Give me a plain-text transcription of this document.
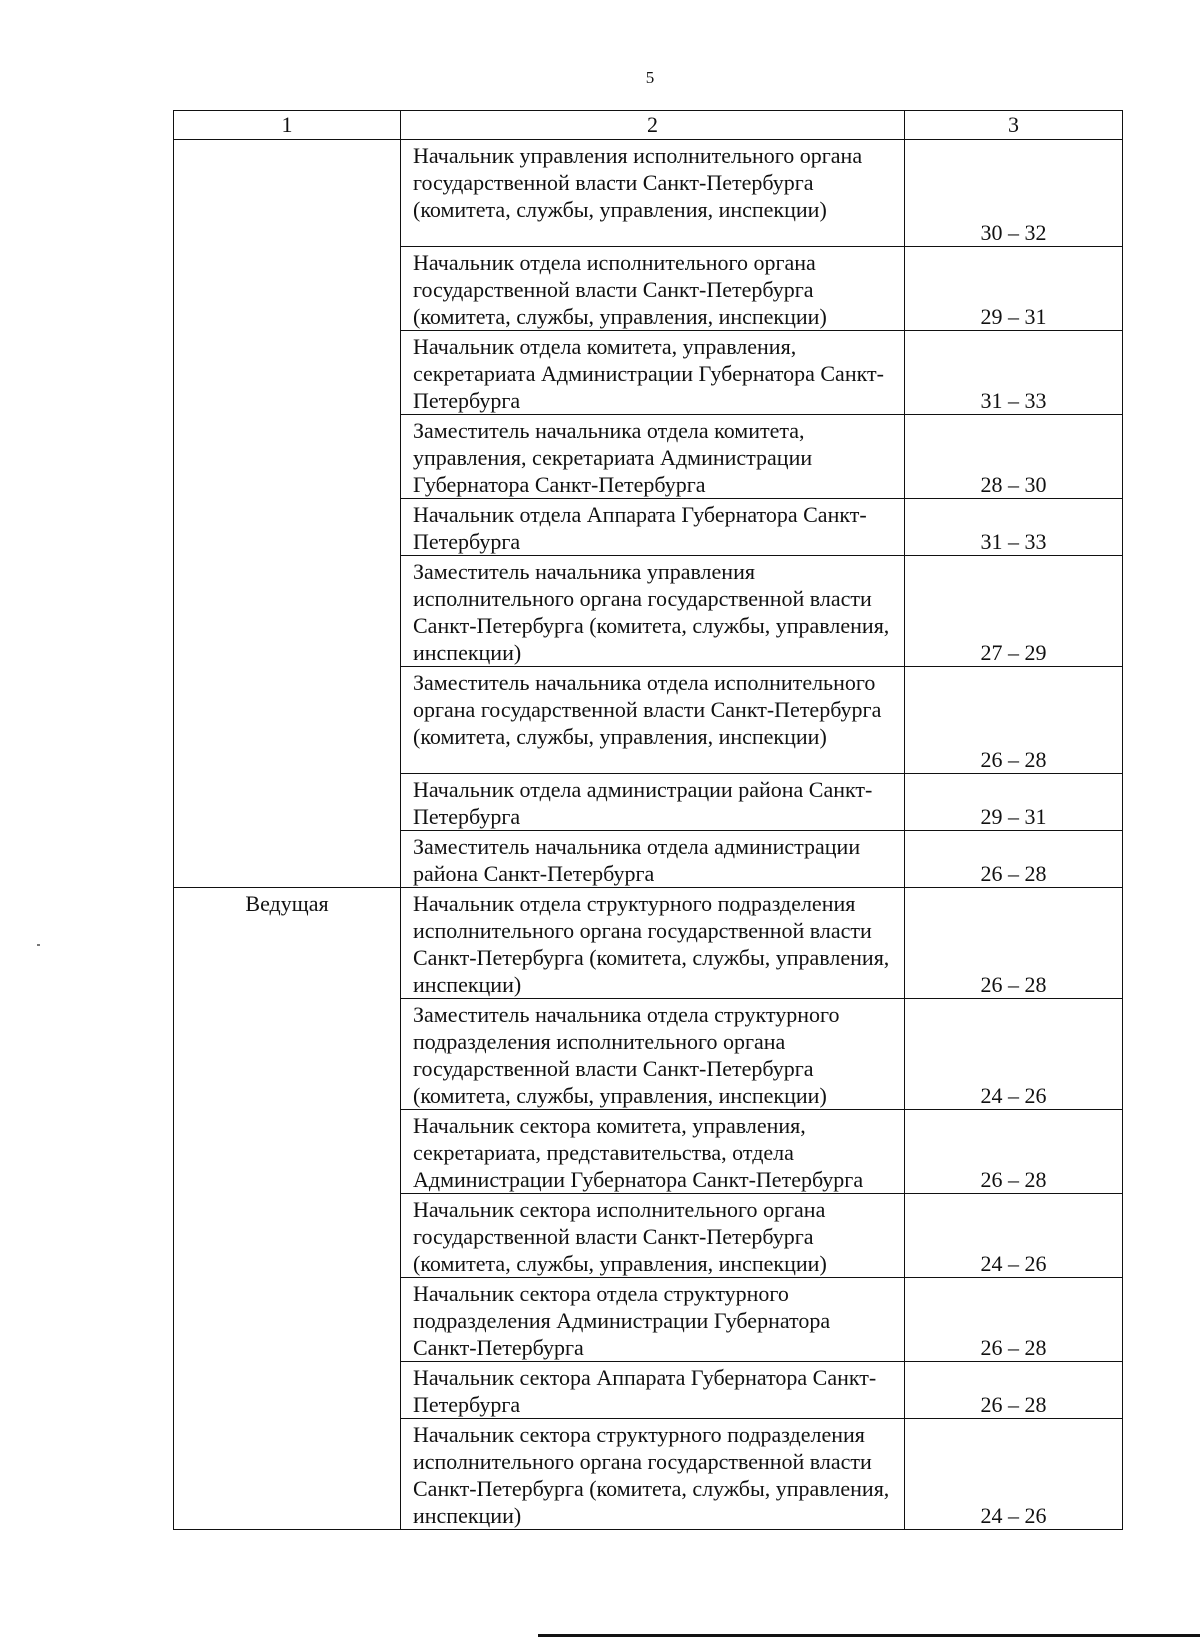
5
1	2	3
	Начальник управления исполнительного органа государственной власти Санкт-Петербурга (комитета, службы, управления, инспекции)	30 – 32
	Начальник отдела исполнительного органа государственной власти Санкт-Петербурга (комитета, службы, управления, инспекции)	29 – 31
	Начальник отдела комитета, управления, секретариата Администрации Губернатора Санкт-Петербурга	31 – 33
	Заместитель начальника отдела комитета, управления, секретариата Администрации Губернатора Санкт-Петербурга	28 – 30
	Начальник отдела Аппарата Губернатора Санкт-Петербурга	31 – 33
	Заместитель начальника управления исполнительного органа государственной власти Санкт-Петербурга (комитета, службы, управления, инспекции)	27 – 29
	Заместитель начальника отдела исполнительного органа государственной власти Санкт-Петербурга (комитета, службы, управления, инспекции)	26 – 28
	Начальник отдела администрации района Санкт-Петербурга	29 – 31
	Заместитель начальника отдела администрации района Санкт-Петербурга	26 – 28
Ведущая	Начальник отдела структурного подразделения исполнительного органа государственной власти Санкт-Петербурга (комитета, службы, управления, инспекции)	26 – 28
	Заместитель начальника отдела структурного подразделения исполнительного органа государственной власти Санкт-Петербурга (комитета, службы, управления, инспекции)	24 – 26
	Начальник сектора комитета, управления, секретариата, представительства, отдела Администрации Губернатора Санкт-Петербурга	26 – 28
	Начальник сектора исполнительного органа государственной власти Санкт-Петербурга (комитета, службы, управления, инспекции)	24 – 26
	Начальник сектора отдела структурного подразделения Администрации Губернатора Санкт-Петербурга	26 – 28
	Начальник сектора Аппарата Губернатора Санкт-Петербурга	26 – 28
	Начальник сектора структурного подразделения исполнительного органа государственной власти Санкт-Петербурга (комитета, службы, управления, инспекции)	24 – 26
